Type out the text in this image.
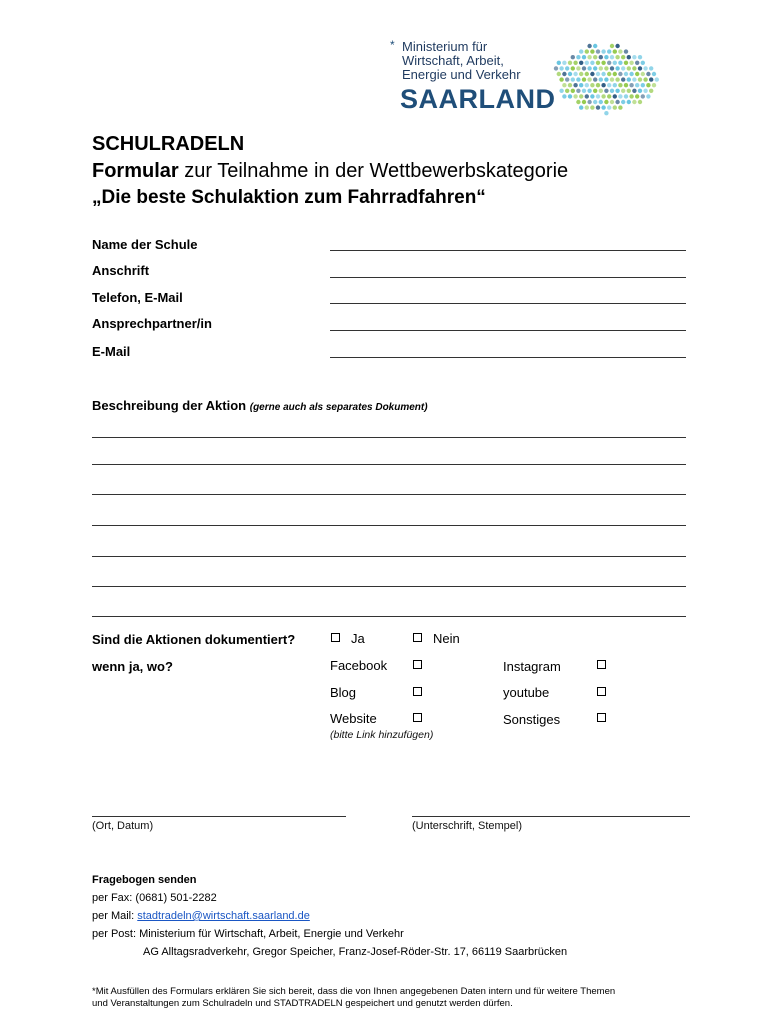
Ministerium für
Wirtschaft, Arbeit,
Energie und Verkehr
*
SAARLAND
SCHULRADELN
Formular zur Teilnahme in der Wettbewerbskategorie
„Die beste Schulaktion zum Fahrradfahren“
Name der Schule
Anschrift
Telefon, E-Mail
Ansprechpartner/in
E-Mail
Beschreibung der Aktion (gerne auch als separates Dokument)
Sind die Aktionen dokumentiert?	Ja	Nein
wenn ja, wo?	Facebook	Instagram
Blog	youtube
Website	Sonstiges
(bitte Link hinzufügen)
(Ort, Datum)	(Unterschrift, Stempel)
Fragebogen senden
per Fax: (0681) 501-2282
per Mail: stadtradeln@wirtschaft.saarland.de
per Post: Ministerium für Wirtschaft, Arbeit, Energie und Verkehr
AG Alltagsradverkehr, Gregor Speicher, Franz-Josef-Röder-Str. 17, 66119 Saarbrücken
*Mit Ausfüllen des Formulars erklären Sie sich bereit, dass die von Ihnen angegebenen Daten intern und für weitere Themen
und Veranstaltungen zum Schulradeln und STADTRADELN gespeichert und genutzt werden dürfen.
